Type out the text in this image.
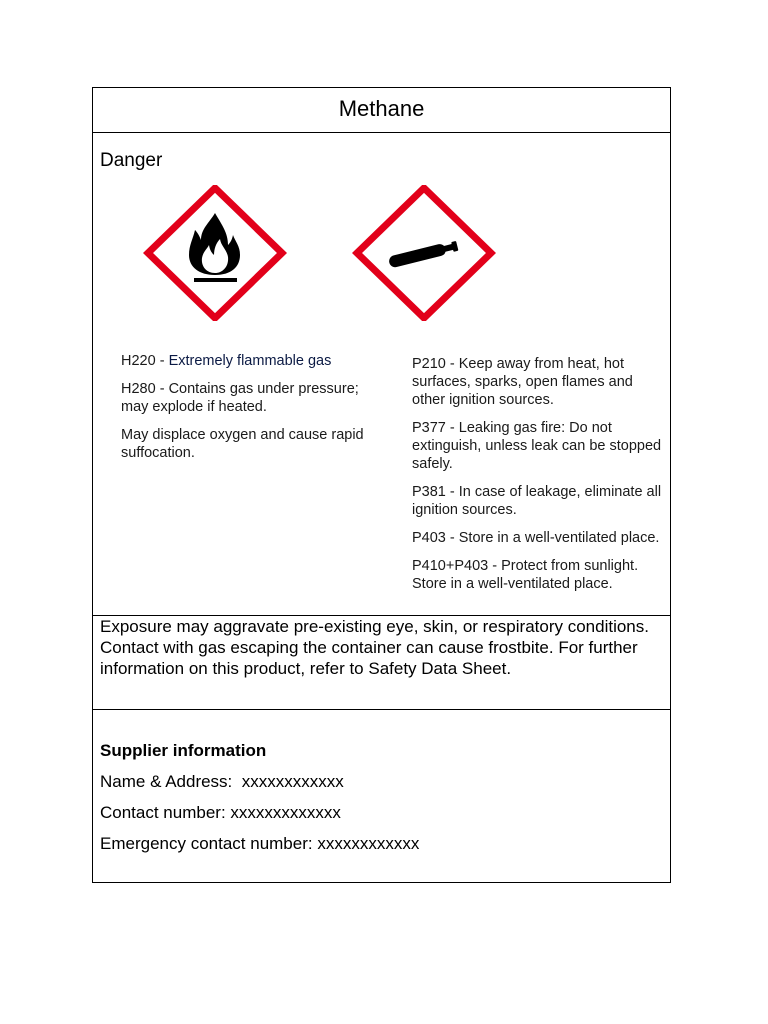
Methane
Danger
H220 - Extremely flammable gas
H280 - Contains gas under pressure; may explode if heated.
May displace oxygen and cause rapid suffocation.
P210 - Keep away from heat, hot surfaces, sparks, open flames and other ignition sources.
P377 - Leaking gas fire: Do not extinguish, unless leak can be stopped safely.
P381 - In case of leakage, eliminate all ignition sources.
P403 - Store in a well-ventilated place.
P410+P403 - Protect from sunlight. Store in a well-ventilated place.
Exposure may aggravate pre-existing eye, skin, or respiratory conditions. Contact with gas escaping the container can cause frostbite. For further information on this product, refer to Safety Data Sheet.
Supplier information
Name & Address:  xxxxxxxxxxxx
Contact number: xxxxxxxxxxxxx
Emergency contact number: xxxxxxxxxxxx
